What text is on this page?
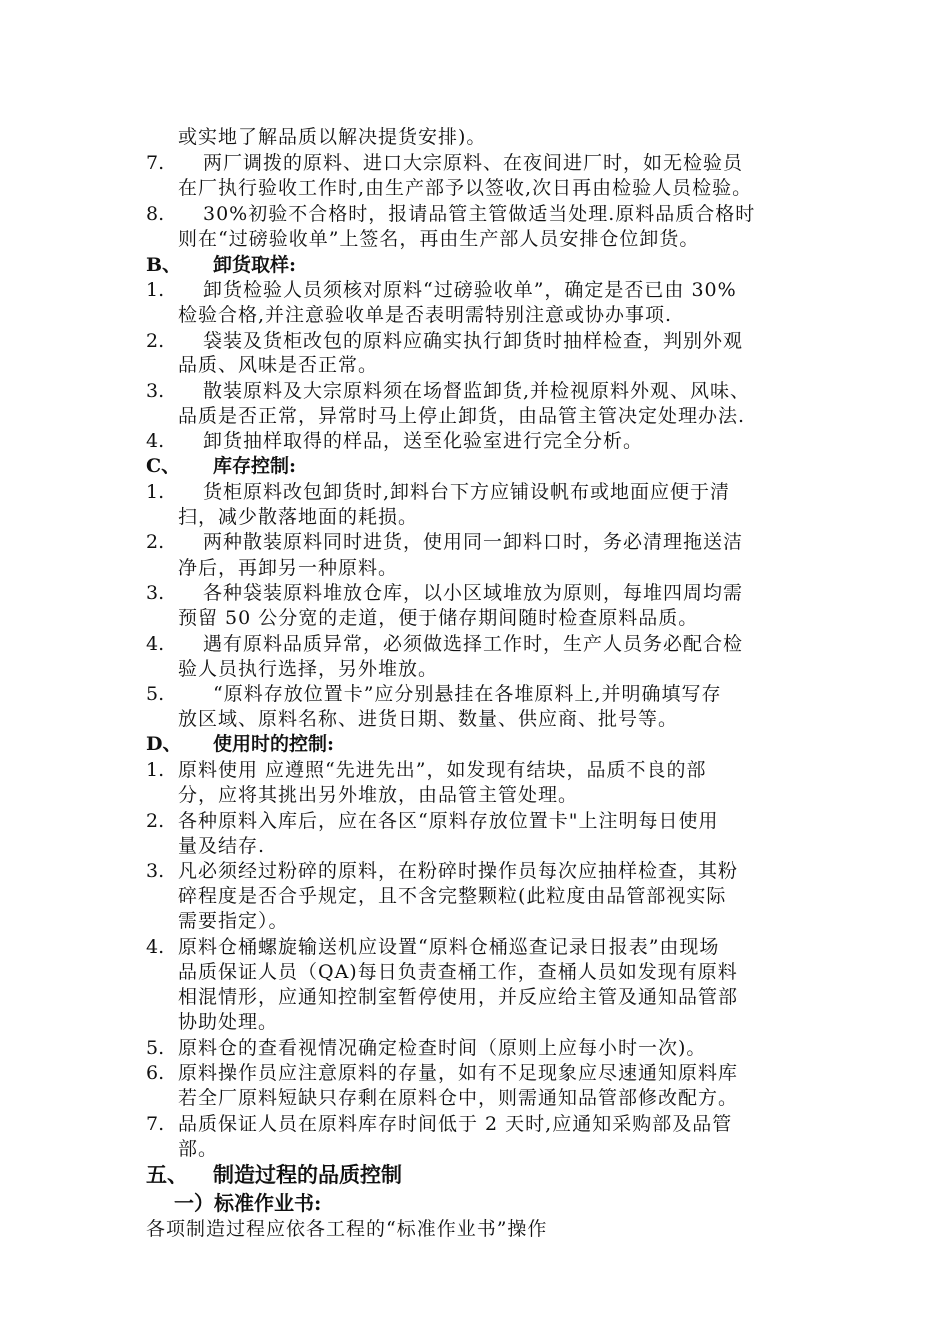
或实地了解品质以解决提货安排)。
7. 两厂调拨的原料、进口大宗原料、在夜间进厂时，如无检验员
在厂执行验收工作时,由生产部予以签收,次日再由检验人员检验。
8. 30%初验不合格时，报请品管主管做适当处理.原料品质合格时
则在“过磅验收单”上签名，再由生产部人员安排仓位卸货。
B、 卸货取样:
1. 卸货检验人员须核对原料“过磅验收单”，确定是否已由 30%
检验合格,并注意验收单是否表明需特别注意或协办事项.
2. 袋装及货柜改包的原料应确实执行卸货时抽样检查，判别外观
品质、风味是否正常。
3. 散装原料及大宗原料须在场督监卸货,并检视原料外观、风味、
品质是否正常，异常时马上停止卸货，由品管主管决定处理办法.
4. 卸货抽样取得的样品，送至化验室进行完全分析。
C、 库存控制:
1. 货柜原料改包卸货时,卸料台下方应铺设帆布或地面应便于清
扫，减少散落地面的耗损。
2. 两种散装原料同时进货，使用同一卸料口时，务必清理拖送洁
净后，再卸另一种原料。
3. 各种袋装原料堆放仓库，以小区域堆放为原则，每堆四周均需
预留 50 公分宽的走道，便于储存期间随时检查原料品质。
4. 遇有原料品质异常，必须做选择工作时，生产人员务必配合检
验人员执行选择，另外堆放。
5.	“原料存放位置卡”应分别悬挂在各堆原料上,并明确填写存
放区域、原料名称、进货日期、数量、供应商、批号等。
D、 使用时的控制:
1. 原料使用 应遵照“先进先出”，如发现有结块，品质不良的部
分，应将其挑出另外堆放，由品管主管处理。
2. 各种原料入库后，应在各区“原料存放位置卡"上注明每日使用
量及结存.
3. 凡必须经过粉碎的原料，在粉碎时操作员每次应抽样检查，其粉
碎程度是否合乎规定，且不含完整颗粒(此粒度由品管部视实际
需要指定）。
4. 原料仓桶螺旋输送机应设置“原料仓桶巡查记录日报表”由现场
品质保证人员（QA)每日负责查桶工作，查桶人员如发现有原料
相混情形，应通知控制室暂停使用，并反应给主管及通知品管部
协助处理。
5. 原料仓的查看视情况确定检查时间（原则上应每小时一次)。
6. 原料操作员应注意原料的存量，如有不足现象应尽速通知原料库
若全厂原料短缺只存剩在原料仓中，则需通知品管部修改配方。
7. 品质保证人员在原料库存时间低于 2 天时,应通知采购部及品管
部。
五、 制造过程的品质控制
一）标准作业书:
各项制造过程应依各工程的“标准作业书”操作
